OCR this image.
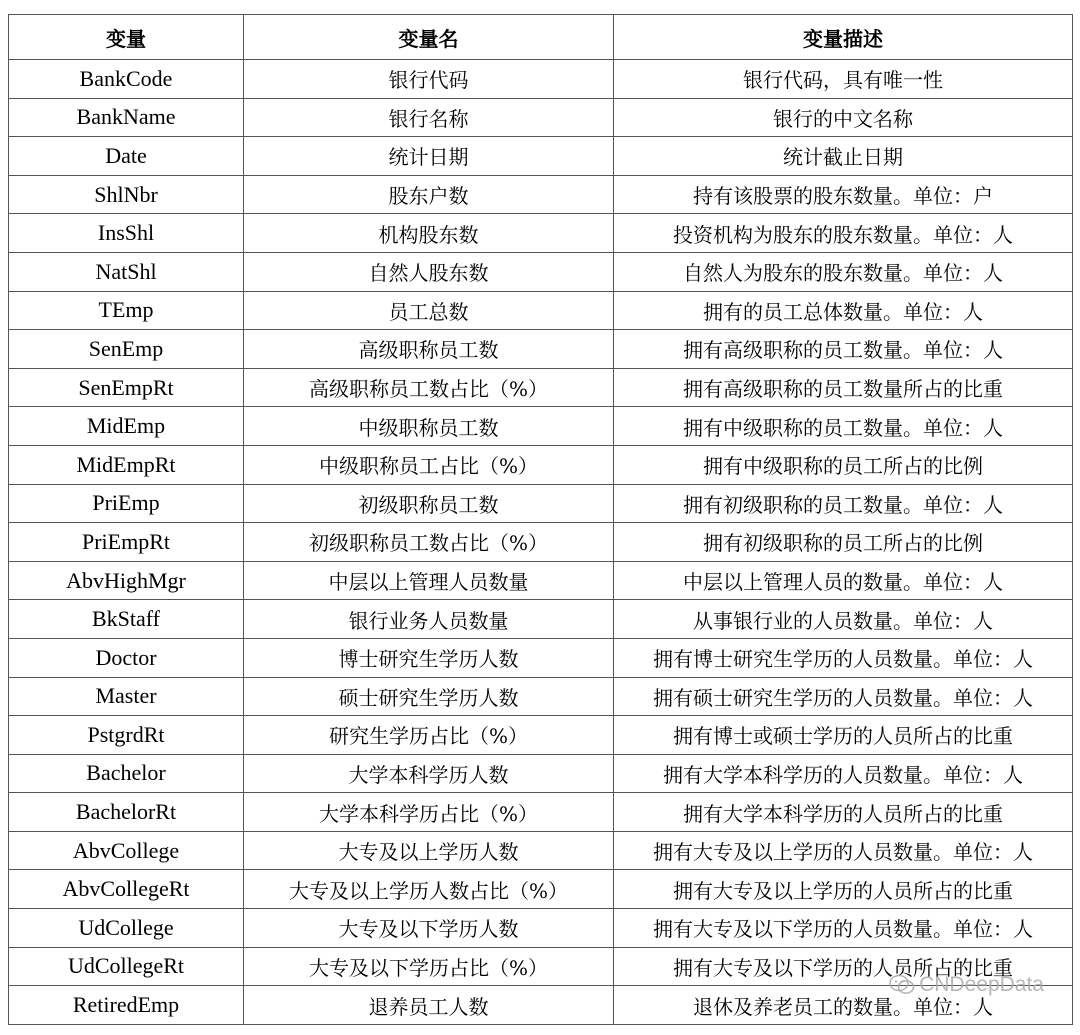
变量	变量名	变量描述
BankCode	银行代码	银行代码，具有唯一性
BankName	银行名称	银行的中文名称
Date	统计日期	统计截止日期
ShlNbr	股东户数	持有该股票的股东数量。单位：户
InsShl	机构股东数	投资机构为股东的股东数量。单位：人
NatShl	自然人股东数	自然人为股东的股东数量。单位：人
TEmp	员工总数	拥有的员工总体数量。单位：人
SenEmp	高级职称员工数	拥有高级职称的员工数量。单位：人
SenEmpRt	高级职称员工数占比（%）	拥有高级职称的员工数量所占的比重
MidEmp	中级职称员工数	拥有中级职称的员工数量。单位：人
MidEmpRt	中级职称员工占比（%）	拥有中级职称的员工所占的比例
PriEmp	初级职称员工数	拥有初级职称的员工数量。单位：人
PriEmpRt	初级职称员工数占比（%）	拥有初级职称的员工所占的比例
AbvHighMgr	中层以上管理人员数量	中层以上管理人员的数量。单位：人
BkStaff	银行业务人员数量	从事银行业的人员数量。单位：人
Doctor	博士研究生学历人数	拥有博士研究生学历的人员数量。单位：人
Master	硕士研究生学历人数	拥有硕士研究生学历的人员数量。单位：人
PstgrdRt	研究生学历占比（%）	拥有博士或硕士学历的人员所占的比重
Bachelor	大学本科学历人数	拥有大学本科学历的人员数量。单位：人
BachelorRt	大学本科学历占比（%）	拥有大学本科学历的人员所占的比重
AbvCollege	大专及以上学历人数	拥有大专及以上学历的人员数量。单位：人
AbvCollegeRt	大专及以上学历人数占比（%）	拥有大专及以上学历的人员所占的比重
UdCollege	大专及以下学历人数	拥有大专及以下学历的人员数量。单位：人
UdCollegeRt	大专及以下学历占比（%）	拥有大专及以下学历的人员所占的比重
RetiredEmp	退养员工人数	退休及养老员工的数量。单位：人
CNDeepData
